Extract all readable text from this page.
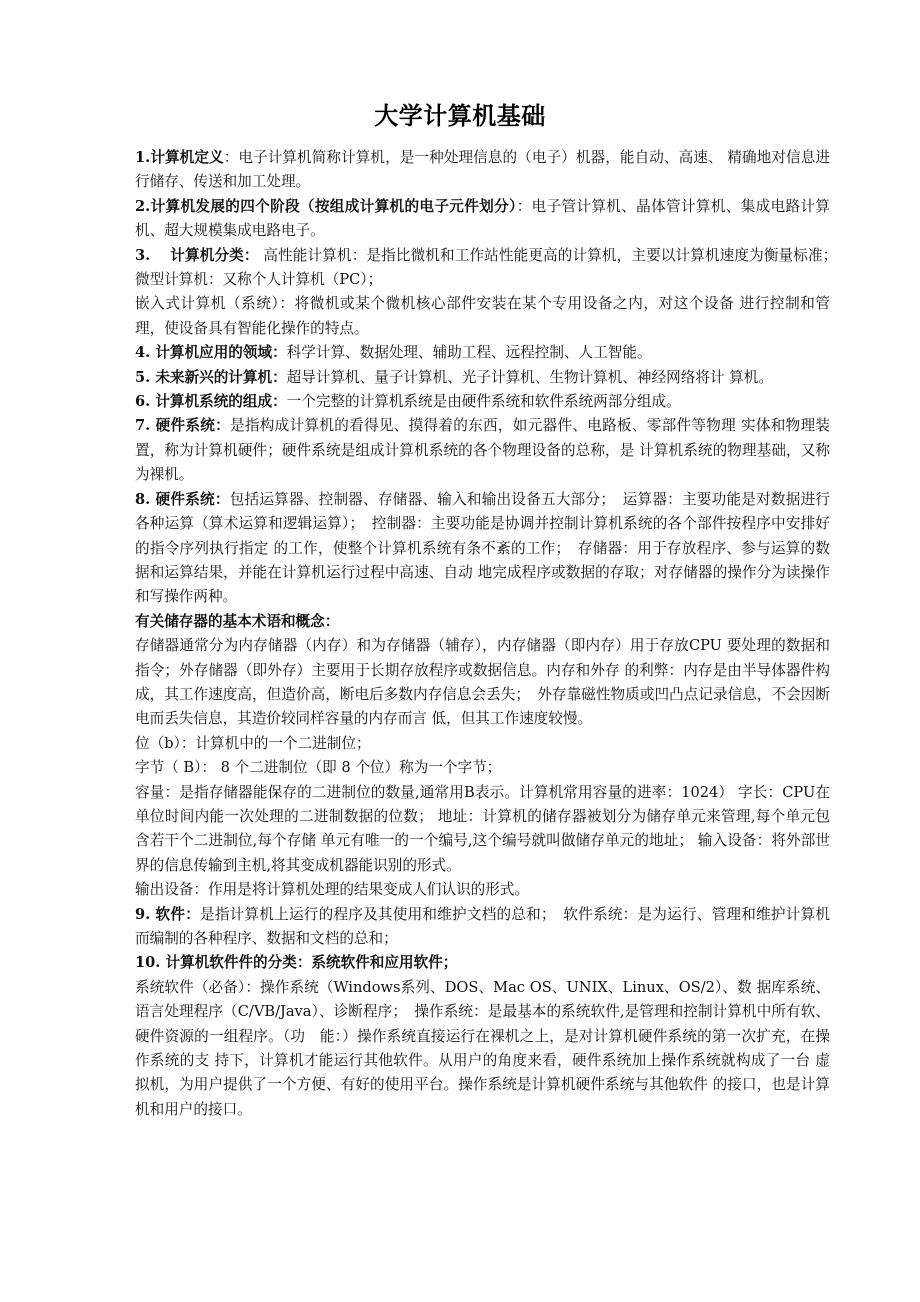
大学计算机基础

1.计算机定义：电子计算机简称计算机，是一种处理信息的（电子）机器，能自动、高速、 精确地对信息进行储存、传送和加工处理。

2.计算机发展的四个阶段（按组成计算机的电子元件划分）：电子管计算机、晶体管计算机、集成电路计算机、超大规模集成电路电子。

3.　 计算机分类： 高性能计算机：是指比微机和工作站性能更高的计算机，主要以计算机速度为衡量标准；　微型计算机：又称个人计算机（PC）；

嵌入式计算机（系统）：将微机或某个微机核心部件安装在某个专用设备之内，对这个设备 进行控制和管理，使设备具有智能化操作的特点。

4. 计算机应用的领域：科学计算、数据处理、辅助工程、远程控制、人工智能。

5. 未来新兴的计算机：超导计算机、量子计算机、光子计算机、生物计算机、神经网络将计 算机。

6. 计算机系统的组成：一个完整的计算机系统是由硬件系统和软件系统两部分组成。

7. 硬件系统：是指构成计算机的看得见、摸得着的东西，如元器件、电路板、零部件等物理 实体和物理装置，称为计算机硬件；硬件系统是组成计算机系统的各个物理设备的总称，是 计算机系统的物理基础，又称为裸机。

8. 硬件系统：包括运算器、控制器、存储器、输入和输出设备五大部分；　运算器：主要功能是对数据进行各种运算（算术运算和逻辑运算）；　控制器：主要功能是协调并控制计算机系统的各个部件按程序中安排好的指令序列执行指定 的工作，使整个计算机系统有条不紊的工作；　存储器：用于存放程序、参与运算的数据和运算结果，并能在计算机运行过程中高速、自动 地完成程序或数据的存取；对存储器的操作分为读操作和写操作两种。

有关储存器的基本术语和概念：

存储器通常分为内存储器（内存）和为存储器（辅存），内存储器（即内存）用于存放CPU 要处理的数据和指令；外存储器（即外存）主要用于长期存放程序或数据信息。内存和外存 的利弊：内存是由半导体器件构成，其工作速度高，但造价高，断电后多数内存信息会丢失；　外存靠磁性物质或凹凸点记录信息，不会因断电而丢失信息，其造价较同样容量的内存而言 低，但其工作速度较慢。

位（b）：计算机中的一个二进制位；

字节（ B）： 8 个二进制位（即 8 个位）称为一个字节；

容量：是指存储器能保存的二进制位的数量,通常用B表示。计算机常用容量的进率：1024） 字长：CPU在单位时间内能一次处理的二进制数据的位数； 地址：计算机的储存器被划分为储存单元来管理,每个单元包含若干个二进制位,每个存储 单元有唯一的一个编号,这个编号就叫做储存单元的地址； 输入设备：将外部世界的信息传输到主机,将其变成机器能识别的形式。

输出设备：作用是将计算机处理的结果变成人们认识的形式。

9. 软件：是指计算机上运行的程序及其使用和维护文档的总和；　软件系统：是为运行、管理和维护计算机而编制的各种程序、数据和文档的总和；

10. 计算机软件件的分类：系统软件和应用软件；

系统软件（必备）：操作系统（Windows系列、DOS、Mac OS、UNIX、Linux、OS/2）、数 据库系统、语言处理程序（C/VB/Java）、诊断程序；　操作系统：是最基本的系统软件,是管理和控制计算机中所有软、硬件资源的一组程序。（功　能：）操作系统直接运行在裸机之上，是对计算机硬件系统的第一次扩充，在操作系统的支 持下，计算机才能运行其他软件。从用户的角度来看，硬件系统加上操作系统就构成了一台 虚拟机，为用户提供了一个方便、有好的使用平台。操作系统是计算机硬件系统与其他软件 的接口，也是计算机和用户的接口。
